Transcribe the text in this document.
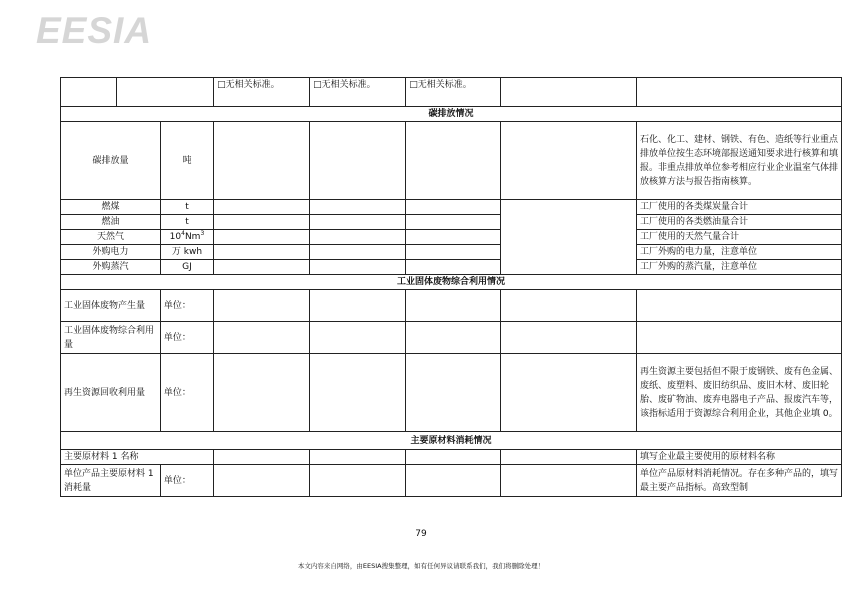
EESIA
			□无相关标准。	□无相关标准。	□无相关标准。		
碳排放情况							
碳排放量		吨					石化、化工、建材、钢铁、有色、造纸等行业重点排放单位按生态环境部报送通知要求进行核算和填报。非重点排放单位参考相应行业企业温室气体排放核算方法与报告指南核算。
燃煤		t					工厂使用的各类煤炭量合计
燃油		t					工厂使用的各类燃油量合计
天然气		$10^4Nm^3$					工厂使用的天然气量合计
外购电力		万 kwh					工厂外购的电力量，注意单位
外购蒸汽		GJ					工厂外购的蒸汽量，注意单位
工业固体废物综合利用情况							
工业固体废物产生量		单位：					
工业固体废物综合利用量		单位：					
再生资源回收利用量		单位：					再生资源主要包括但不限于废钢铁、废有色金属、废纸、废塑料、废旧纺织品、废旧木材、废旧轮胎、废矿物油、废弃电器电子产品、报废汽车等，该指标适用于资源综合利用企业，其他企业填 0。
主要原材料消耗情况							
主要原材料 1 名称							填写企业最主要使用的原材料名称
单位产品主要原材料 1 消耗量		单位：					单位产品原材料消耗情况。存在多种产品的，填写最主要产品指标。高致型制
79
本文内容来自网络，由EESIA搜集整理，如有任何异议请联系我们，我们将删除处理！
